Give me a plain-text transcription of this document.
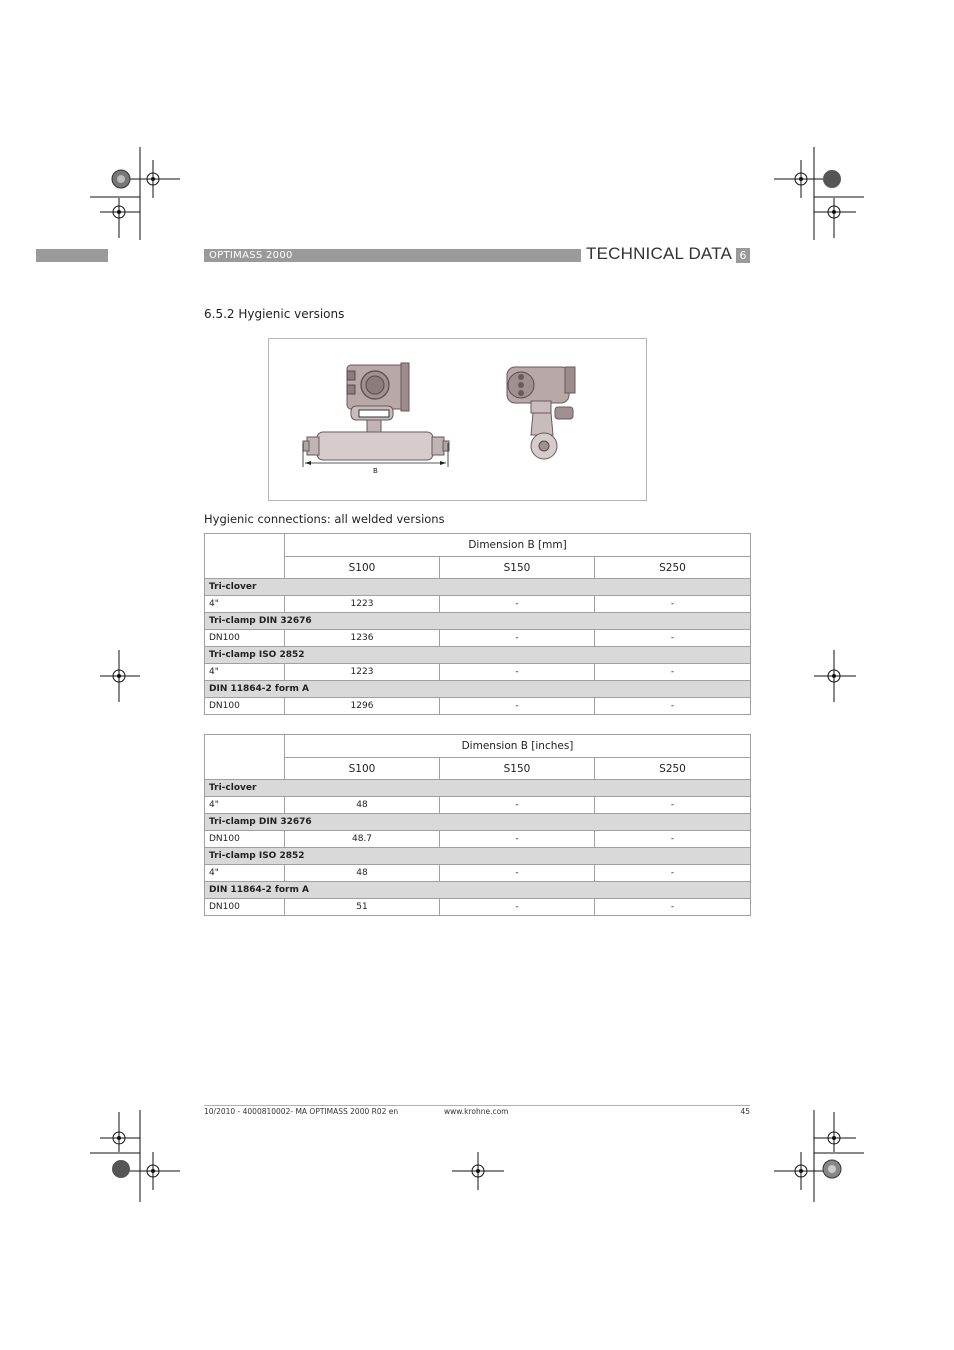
OPTIMASS 2000	TECHNICAL DATA 6
6.5.2 Hygienic versions
B
Hygienic connections: all welded versions
	Dimension B [mm]		
	S100	S150	S250
Tri-clover			
4"	1223	-	-
Tri-clamp DIN 32676			
DN100	1236	-	-
Tri-clamp ISO 2852			
4"	1223	-	-
DIN 11864-2 form A			
DN100	1296	-	-
	Dimension B [inches]		
	S100	S150	S250
Tri-clover			
4"	48	-	-
Tri-clamp DIN 32676			
DN100	48.7	-	-
Tri-clamp ISO 2852			
4"	48	-	-
DIN 11864-2 form A			
DN100	51	-	-
10/2010 - 4000810002- MA OPTIMASS 2000 R02 en	www.krohne.com	45
